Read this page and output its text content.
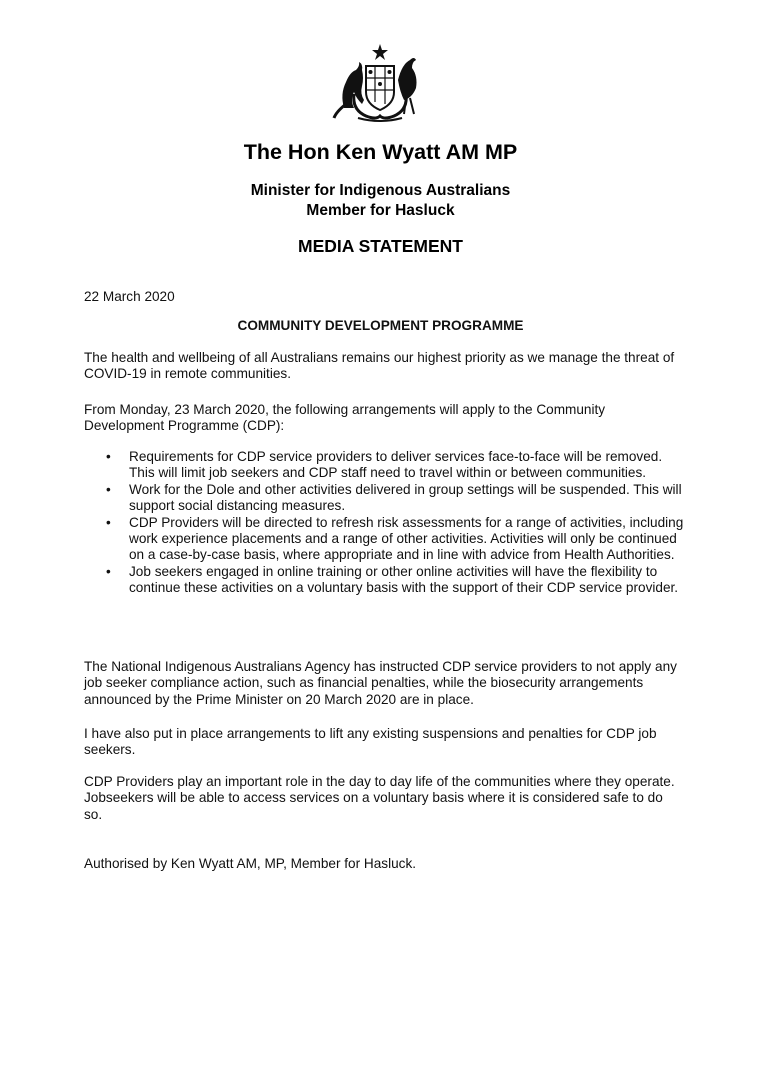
The Hon Ken Wyatt AM MP
Minister for Indigenous Australians
Member for Hasluck
MEDIA STATEMENT
22 March 2020
COMMUNITY DEVELOPMENT PROGRAMME
The health and wellbeing of all Australians remains our highest priority as we manage the threat of COVID-19 in remote communities.
From Monday, 23 March 2020, the following arrangements will apply to the Community Development Programme (CDP):
• Requirements for CDP service providers to deliver services face-to-face will be removed. This will limit job seekers and CDP staff need to travel within or between communities.
• Work for the Dole and other activities delivered in group settings will be suspended. This will support social distancing measures.
• CDP Providers will be directed to refresh risk assessments for a range of activities, including work experience placements and a range of other activities. Activities will only be continued on a case-by-case basis, where appropriate and in line with advice from Health Authorities.
• Job seekers engaged in online training or other online activities will have the flexibility to continue these activities on a voluntary basis with the support of their CDP service provider.
The National Indigenous Australians Agency has instructed CDP service providers to not apply any job seeker compliance action, such as financial penalties, while the biosecurity arrangements announced by the Prime Minister on 20 March 2020 are in place.
I have also put in place arrangements to lift any existing suspensions and penalties for CDP job seekers.
CDP Providers play an important role in the day to day life of the communities where they operate. Jobseekers will be able to access services on a voluntary basis where it is considered safe to do so.
Authorised by Ken Wyatt AM, MP, Member for Hasluck.
